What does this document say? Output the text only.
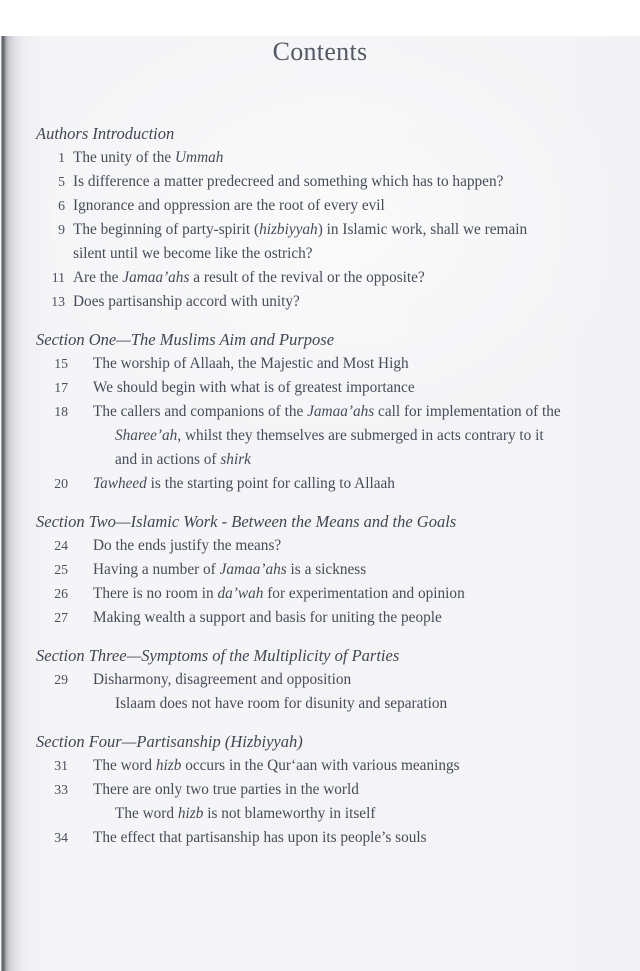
Contents
Authors Introduction
1 The unity of the Ummah
5 Is difference a matter predecreed and something which has to happen?
6 Ignorance and oppression are the root of every evil
9 The beginning of party-spirit (hizbiyyah) in Islamic work, shall we remain
silent until we become like the ostrich?
11 Are the Jamaa’ahs a result of the revival or the opposite?
13 Does partisanship accord with unity?
Section One—The Muslims Aim and Purpose
15 The worship of Allaah, the Majestic and Most High
17 We should begin with what is of greatest importance
18 The callers and companions of the Jamaa’ahs call for implementation of the
Sharee’ah, whilst they themselves are submerged in acts contrary to it
and in actions of shirk
20 Tawheed is the starting point for calling to Allaah
Section Two—Islamic Work - Between the Means and the Goals
24 Do the ends justify the means?
25 Having a number of Jamaa’ahs is a sickness
26 There is no room in da’wah for experimentation and opinion
27 Making wealth a support and basis for uniting the people
Section Three—Symptoms of the Multiplicity of Parties
29 Disharmony, disagreement and opposition
Islaam does not have room for disunity and separation
Section Four—Partisanship (Hizbiyyah)
31 The word hizb occurs in the Qur‘aan with various meanings
33 There are only two true parties in the world
The word hizb is not blameworthy in itself
34 The effect that partisanship has upon its people’s souls
